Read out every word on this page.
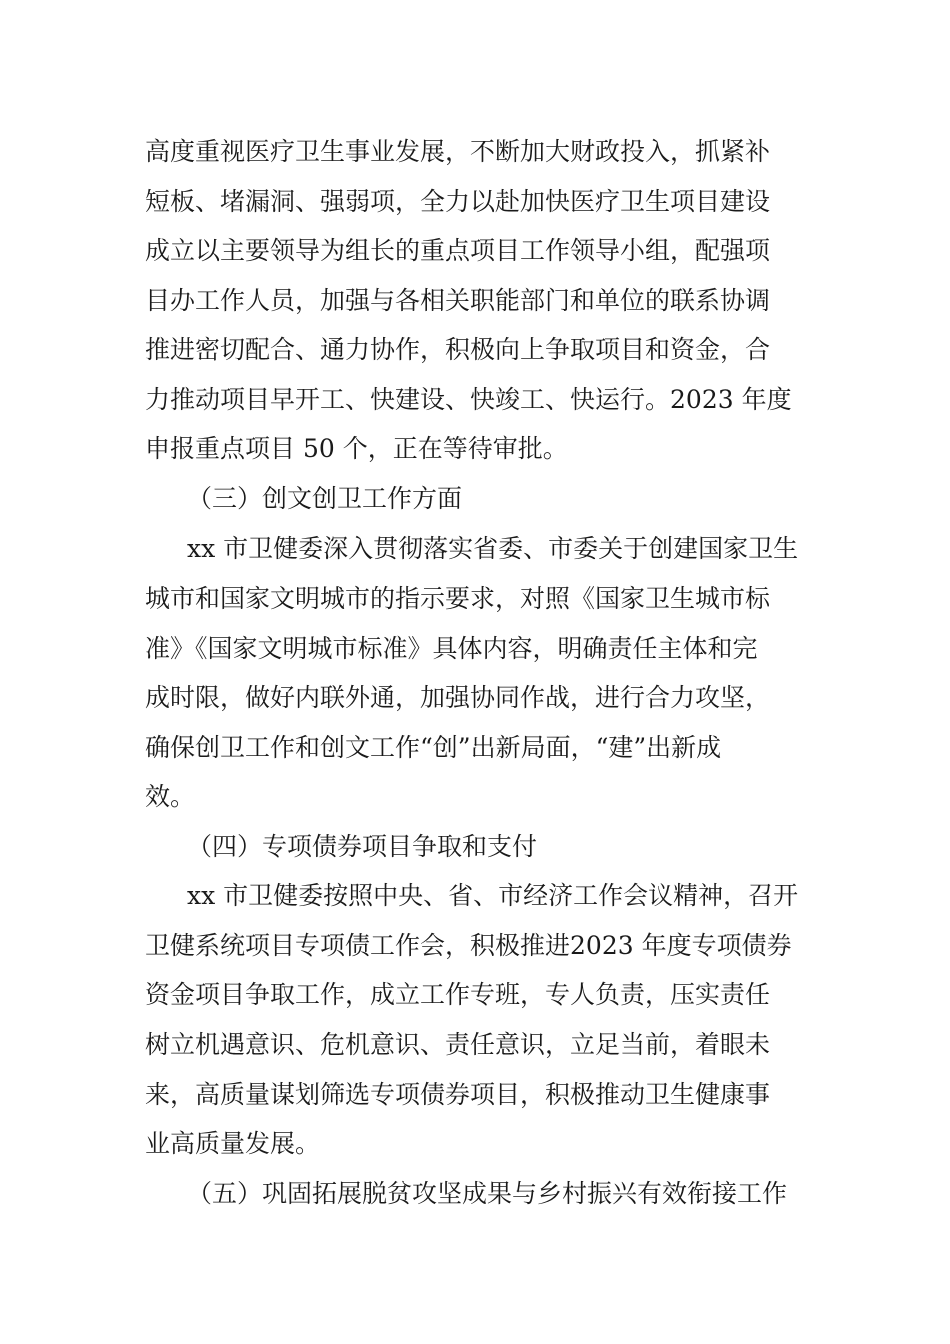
高度重视医疗卫生事业发展，不断加大财政投入，抓紧补
短板、堵漏洞、强弱项，全力以赴加快医疗卫生项目建设
成立以主要领导为组长的重点项目工作领导小组，配强项
目办工作人员，加强与各相关职能部门和单位的联系协调
推进密切配合、通力协作，积极向上争取项目和资金，合
力推动项目早开工、快建设、快竣工、快运行。2023 年度
申报重点项目 50 个，正在等待审批。
（三）创文创卫工作方面
xx 市卫健委深入贯彻落实省委、市委关于创建国家卫生
城市和国家文明城市的指示要求，对照《国家卫生城市标
准》《国家文明城市标准》具体内容，明确责任主体和完
成时限，做好内联外通，加强协同作战，进行合力攻坚，
确保创卫工作和创文工作“创”出新局面，“建”出新成
效。
（四）专项债券项目争取和支付
xx 市卫健委按照中央、省、市经济工作会议精神，召开
卫健系统项目专项债工作会，积极推进2023 年度专项债券
资金项目争取工作，成立工作专班，专人负责，压实责任
树立机遇意识、危机意识、责任意识，立足当前，着眼未
来，高质量谋划筛选专项债券项目，积极推动卫生健康事
业高质量发展。
（五）巩固拓展脱贫攻坚成果与乡村振兴有效衔接工作
